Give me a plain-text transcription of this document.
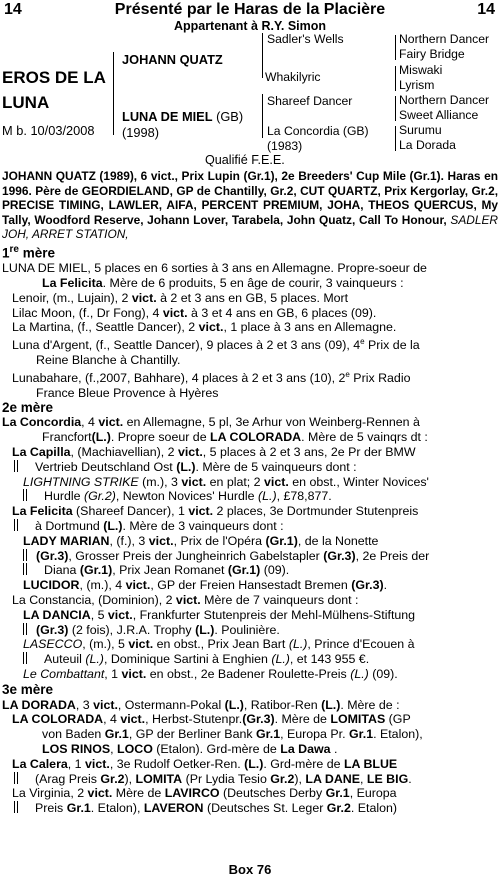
14	Présenté par le Haras de la Placière	14
Appartenant à R.Y. Simon
EROS DE LA
LUNA
M b. 10/03/2008
JOHANN QUATZ
LUNA DE MIEL (GB)
(1998)
Sadler's Wells
Whakilyric
Shareef Dancer
La Concordia (GB)
(1983)
Northern Dancer
Fairy Bridge
Miswaki
Lyrism
Northern Dancer
Sweet Alliance
Surumu
La Dorada
Qualifié F.E.E.

JOHANN QUATZ (1989), 6 vict., Prix Lupin (Gr.1), 2e Breeders' Cup Mile (Gr.1). Haras en 1996. Père de GEORDIELAND, GP de Chantilly, Gr.2, CUT QUARTZ, Prix Kergorlay, Gr.2, PRECISE TIMING, LAWLER, AIFA, PERCENT PREMIUM, JOHA, THEOS QUERCUS, My Tally, Woodford Reserve, Johann Lover, Tarabela, John Quatz, Call To Honour, SADLER JOH, ARRET STATION,

1re mère

LUNA DE MIEL, 5 places en 6 sorties à 3 ans en Allemagne. Propre-soeur de

La Felicita. Mère de 6 produits, 5 en âge de courir, 3 vainqueurs :

Lenoir, (m., Lujain), 2 vict. à 2 et 3 ans en GB, 5 places. Mort

Lilac Moon, (f., Dr Fong), 4 vict. à 3 et 4 ans en GB, 6 places (09).

La Martina, (f., Seattle Dancer), 2 vict., 1 place à 3 ans en Allemagne.

Luna d'Argent, (f., Seattle Dancer), 9 places à 2 et 3 ans (09), 4e Prix de la

Reine Blanche à Chantilly.

Lunabahare, (f.,2007, Bahhare), 4 places à 2 et 3 ans (10), 2e Prix Radio

France Bleue Provence à Hyères

2e mère

La Concordia, 4 vict. en Allemagne, 5 pl, 3e Arhur von Weinberg-Rennen à

Francfort(L.). Propre soeur de LA COLORADA. Mère de 5 vainqrs dt :

La Capilla, (Machiavellian), 2 vict., 5 places à 2 et 3 ans, 2e Pr der BMW

Vertrieb Deutschland Ost (L.). Mère de 5 vainqueurs dont :

LIGHTNING STRIKE (m.), 3 vict. en plat; 2 vict. en obst., Winter Novices'

Hurdle (Gr.2), Newton Novices' Hurdle (L.), £78,877.

La Felicita (Shareef Dancer), 1 vict. 2 places, 3e Dortmunder Stutenpreis

à Dortmund (L.). Mère de 3 vainqueurs dont :

LADY MARIAN, (f.), 3 vict., Prix de l'Opéra (Gr.1), de la Nonette

(Gr.3), Grosser Preis der Jungheinrich Gabelstapler (Gr.3), 2e Preis der

Diana (Gr.1), Prix Jean Romanet (Gr.1) (09).

LUCIDOR, (m.), 4 vict., GP der Freien Hansestadt Bremen (Gr.3).

La Constancia, (Dominion), 2 vict. Mère de 7 vainqueurs dont :

LA DANCIA, 5 vict., Frankfurter Stutenpreis der Mehl-Mülhens-Stiftung

(Gr.3) (2 fois), J.R.A. Trophy (L.). Poulinière.

LASECCO, (m.), 5 vict. en obst., Prix Jean Bart (L.), Prince d'Ecouen à

Auteuil (L.), Dominique Sartini à Enghien (L.), et 143 955 €.

Le Combattant, 1 vict. en obst., 2e Badener Roulette-Preis (L.) (09).

3e mère

LA DORADA, 3 vict., Ostermann-Pokal (L.), Ratibor-Ren (L.). Mère de :

LA COLORADA, 4 vict., Herbst-Stutenpr.(Gr.3). Mère de LOMITAS (GP

von Baden Gr.1, GP der Berliner Bank Gr.1, Europa Pr. Gr.1. Etalon),

LOS RINOS, LOCO (Etalon). Grd-mère de La Dawa .

La Calera, 1 vict., 3e Rudolf Oetker-Ren. (L.). Grd-mère de LA BLUE

(Arag Preis Gr.2), LOMITA (Pr Lydia Tesio Gr.2), LA DANE, LE BIG.

La Virginia, 2 vict. Mère de LAVIRCO (Deutsches Derby Gr.1, Europa

Preis Gr.1. Etalon), LAVERON (Deutsches St. Leger Gr.2. Etalon)

Box 76
